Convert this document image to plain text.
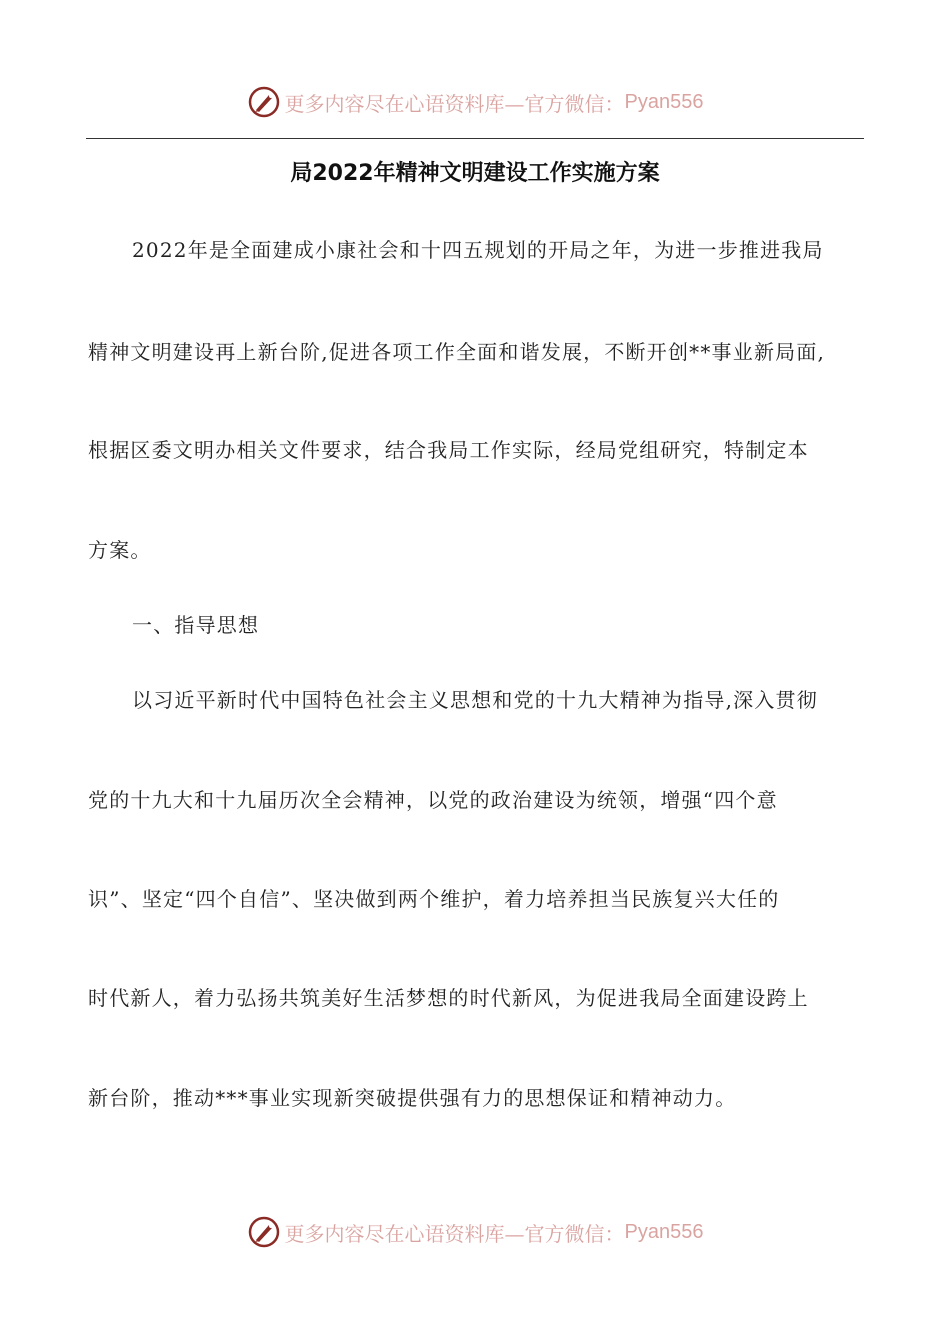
更多内容尽在心语资料库—官方微信： Pyan556
局2022年精神文明建设工作实施方案
2022年是全面建成小康社会和十四五规划的开局之年，为进一步推进我局
精神文明建设再上新台阶,促进各项工作全面和谐发展，不断开创**事业新局面,
根据区委文明办相关文件要求，结合我局工作实际，经局党组研究，特制定本
方案。
一、指导思想
以习近平新时代中国特色社会主义思想和党的十九大精神为指导,深入贯彻
党的十九大和十九届历次全会精神，以党的政治建设为统领，增强“四个意
识”、坚定“四个自信”、坚决做到两个维护，着力培养担当民族复兴大任的
时代新人，着力弘扬共筑美好生活梦想的时代新风，为促进我局全面建设跨上
新台阶，推动***事业实现新突破提供强有力的思想保证和精神动力。
更多内容尽在心语资料库—官方微信： Pyan556
